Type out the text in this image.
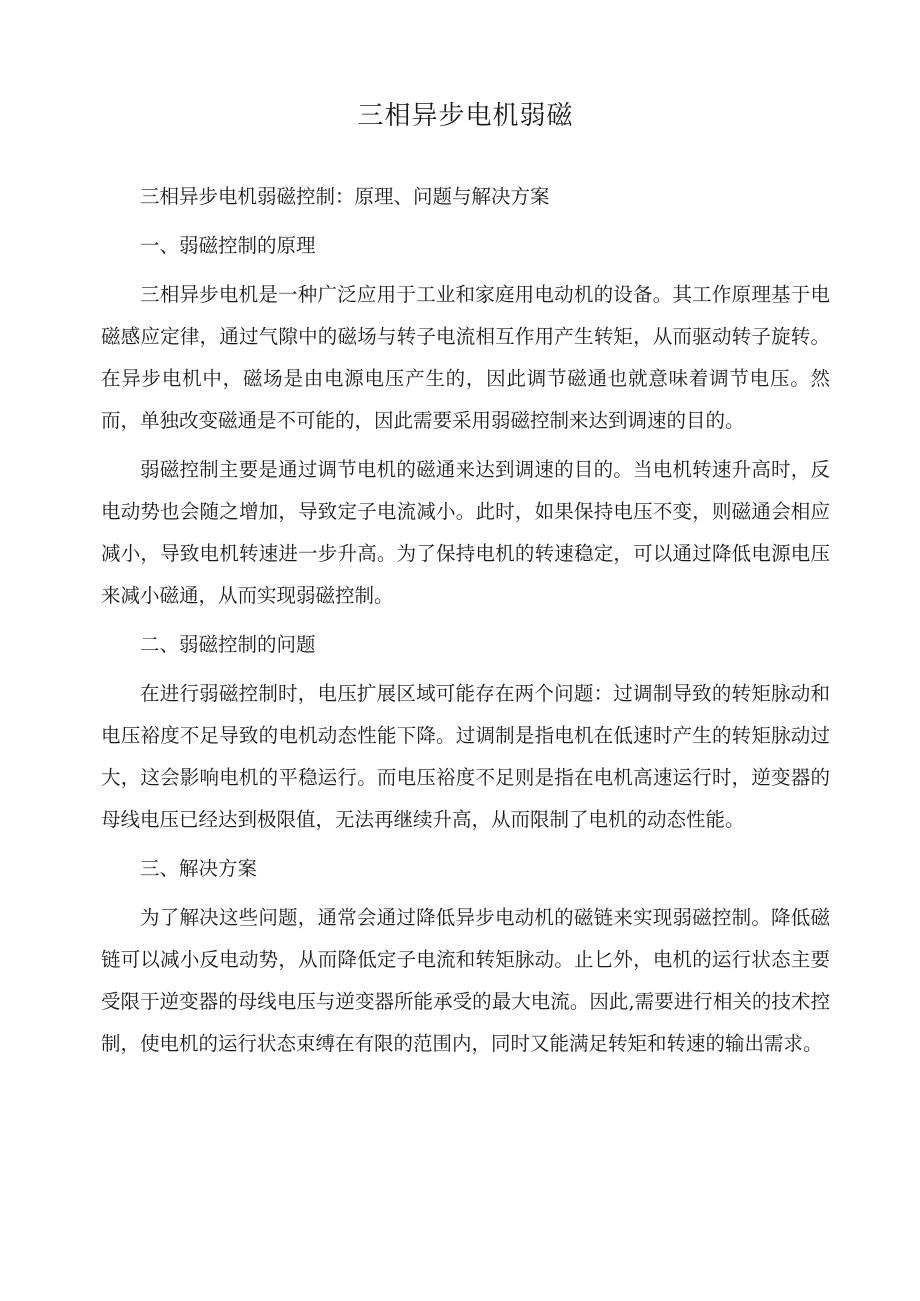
三相异步电机弱磁

三相异步电机弱磁控制：原理、问题与解决方案

一、弱磁控制的原理

三相异步电机是一种广泛应用于工业和家庭用电动机的设备。其工作原理基于电磁感应定律，通过气隙中的磁场与转子电流相互作用产生转矩，从而驱动转子旋转。在异步电机中，磁场是由电源电压产生的，因此调节磁通也就意味着调节电压。然而，单独改变磁通是不可能的，因此需要采用弱磁控制来达到调速的目的。

弱磁控制主要是通过调节电机的磁通来达到调速的目的。当电机转速升高时，反电动势也会随之增加，导致定子电流减小。此时，如果保持电压不变，则磁通会相应减小，导致电机转速进一步升高。为了保持电机的转速稳定，可以通过降低电源电压来减小磁通，从而实现弱磁控制。

二、弱磁控制的问题

在进行弱磁控制时，电压扩展区域可能存在两个问题：过调制导致的转矩脉动和电压裕度不足导致的电机动态性能下降。过调制是指电机在低速时产生的转矩脉动过大，这会影响电机的平稳运行。而电压裕度不足则是指在电机高速运行时，逆变器的母线电压已经达到极限值，无法再继续升高，从而限制了电机的动态性能。

三、解决方案

为了解决这些问题，通常会通过降低异步电动机的磁链来实现弱磁控制。降低磁链可以减小反电动势，从而降低定子电流和转矩脉动。止匕外，电机的运行状态主要受限于逆变器的母线电压与逆变器所能承受的最大电流。因此,需要进行相关的技术控制，使电机的运行状态束缚在有限的范围内，同时又能满足转矩和转速的输出需求。
